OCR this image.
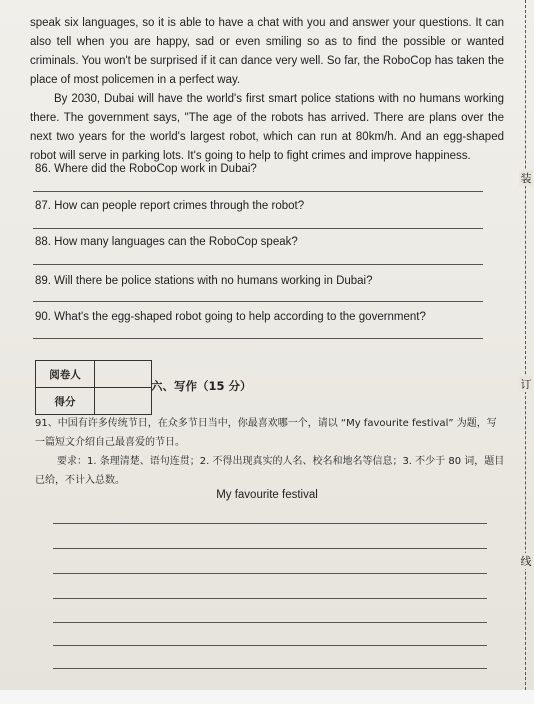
speak six languages, so it is able to have a chat with you and answer your questions. It can also tell when you are happy, sad or even smiling so as to find the possible or wanted criminals. You won't be surprised if it can dance very well. So far, the RoboCop has taken the place of most policemen in a perfect way.
By 2030, Dubai will have the world's first smart police stations with no humans working there. The government says, "The age of the robots has arrived. There are plans over the next two years for the world's largest robot, which can run at 80km/h. And an egg-shaped robot will serve in parking lots. It's going to help to fight crimes and improve happiness.
86. Where did the RoboCop work in Dubai?
87. How can people report crimes through the robot?
88. How many languages can the RoboCop speak?
89. Will there be police stations with no humans working in Dubai?
90. What's the egg-shaped robot going to help according to the government?
阅卷人	
得分	
六、写作（15 分）
91、中国有许多传统节日，在众多节日当中，你最喜欢哪一个，请以 “My favourite festival” 为题，写一篇短文介绍自己最喜爱的节日。
要求：1. 条理清楚、语句连贯；2. 不得出现真实的人名、校名和地名等信息；3. 不少于 80 词，题目已给，不计入总数。
My favourite festival
装
订
线
